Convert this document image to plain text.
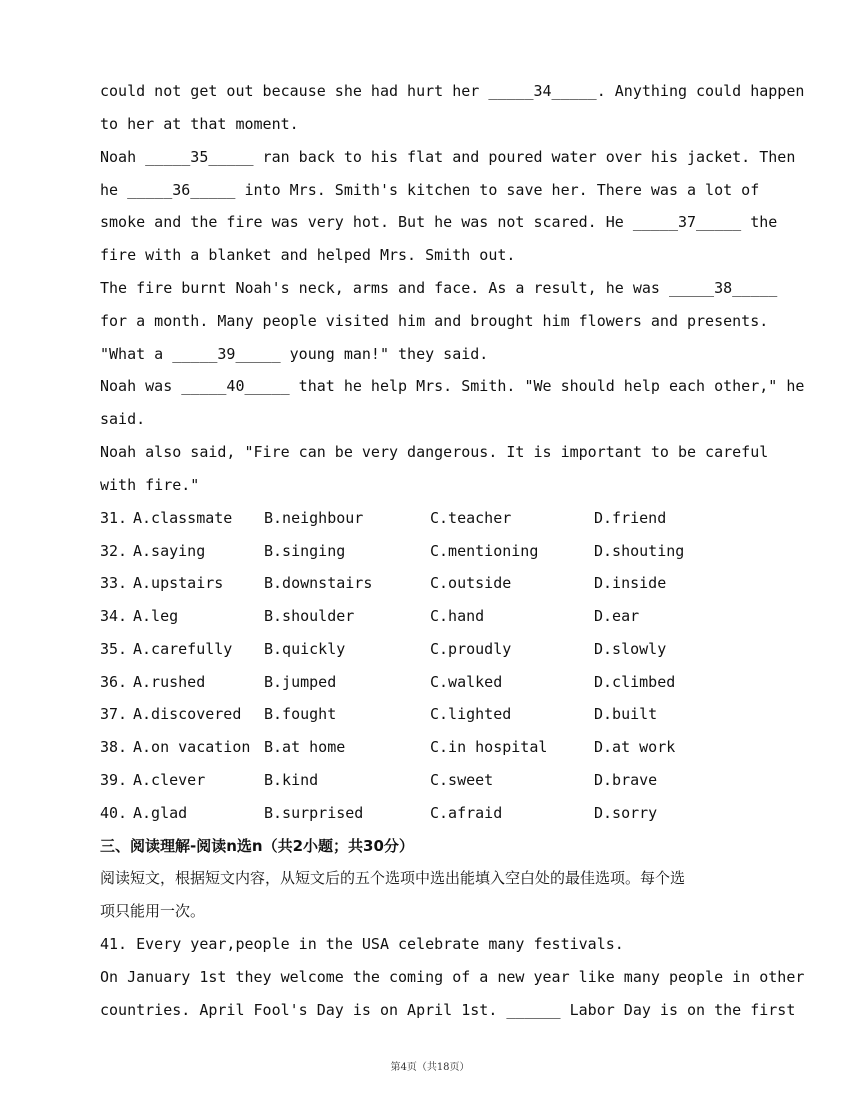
could not get out because she had hurt her _____34_____. Anything could happen
to her at that moment.
Noah _____35_____ ran back to his flat and poured water over his jacket. Then
he _____36_____ into Mrs. Smith's kitchen to save her. There was a lot of
smoke and the fire was very hot. But he was not scared. He _____37_____ the
fire with a blanket and helped Mrs. Smith out.
The fire burnt Noah's neck, arms and face. As a result, he was _____38_____
for a month. Many people visited him and brought him flowers and presents.
"What a _____39_____ young man!" they said.
Noah was _____40_____ that he help Mrs. Smith. "We should help each other," he
said.
Noah also said, "Fire can be very dangerous. It is important to be careful
with fire."
31. A.classmate B.neighbour	C.teacher	D.friend
32. A.saying	B.singing	C.mentioning	D.shouting
33. A.upstairs	B.downstairs	C.outside	D.inside
34. A.leg	B.shoulder	C.hand	D.ear
35. A.carefully B.quickly	C.proudly	D.slowly
36. A.rushed	B.jumped	C.walked	D.climbed
37. A.discovered B.fought	C.lighted	D.built
38. A.on vacation B.at home	C.in hospital	D.at work
39. A.clever	B.kind	C.sweet	D.brave
40. A.glad	B.surprised	C.afraid	D.sorry
三、阅读理解-阅读n选n（共2小题；共30分）
阅读短文，根据短文内容，从短文后的五个选项中选出能填入空白处的最佳选项。每个选
项只能用一次。
41. Every year,people in the USA celebrate many festivals.
On January 1st they welcome the coming of a new year like many people in other
countries. April Fool's Day is on April 1st. ______ Labor Day is on the first
第4页（共18页）
